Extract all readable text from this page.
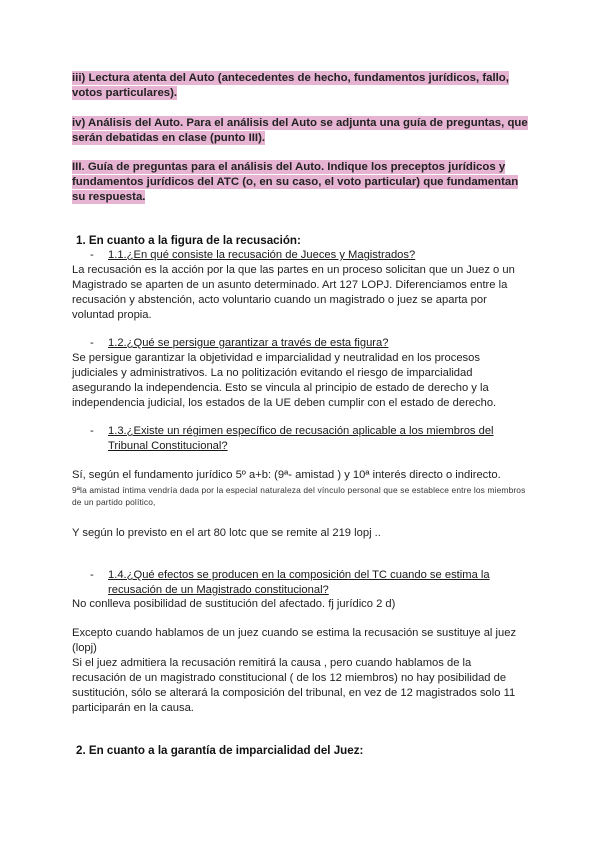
iii) Lectura atenta del Auto (antecedentes de hecho, fundamentos jurídicos, fallo, votos particulares).
iv) Análisis del Auto. Para el análisis del Auto se adjunta una guía de preguntas, que serán debatidas en clase (punto III).
III. Guía de preguntas para el análisis del Auto. Indique los preceptos jurídicos y fundamentos jurídicos del ATC (o, en su caso, el voto particular) que fundamentan su respuesta.
1. En cuanto a la figura de la recusación:
- 1.1.¿En qué consiste la recusación de Jueces y Magistrados?
La recusación es la acción por la que las partes en un proceso solicitan que un Juez o un Magistrado se aparten de un asunto determinado. Art 127 LOPJ. Diferenciamos entre la recusación y abstención, acto voluntario cuando un magistrado o juez se aparta por voluntad propia.
- 1.2.¿Qué se persigue garantizar a través de esta figura?
Se persigue garantizar la objetividad e imparcialidad y neutralidad en los procesos judiciales y administrativos. La no politización evitando el riesgo de imparcialidad asegurando la independencia. Esto se vincula al principio de estado de derecho y la independencia judicial, los estados de la UE deben cumplir con el estado de derecho.
- 1.3.¿Existe un régimen específico de recusación aplicable a los miembros del Tribunal Constitucional?
Sí, según el fundamento jurídico 5º a+b: (9ª- amistad ) y 10ª interés directo o indirecto.
9ªla amistad íntima vendría dada por la especial naturaleza del vínculo personal que se establece entre los miembros de un partido político,
Y según lo previsto en el art 80 lotc que se remite al 219 lopj ..
- 1.4.¿Qué efectos se producen en la composición del TC cuando se estima la recusación de un Magistrado constitucional?
No conlleva posibilidad de sustitución del afectado. fj jurídico 2 d)
Excepto cuando hablamos de un juez cuando se estima la recusación se sustituye al juez (lopj)
Si el juez admitiera la recusación remitirá la causa , pero cuando hablamos de la recusación de un magistrado constitucional ( de los 12 miembros) no hay posibilidad de sustitución, sólo se alterará la composición del tribunal, en vez de 12 magistrados solo 11 participarán en la causa.
2. En cuanto a la garantía de imparcialidad del Juez:
